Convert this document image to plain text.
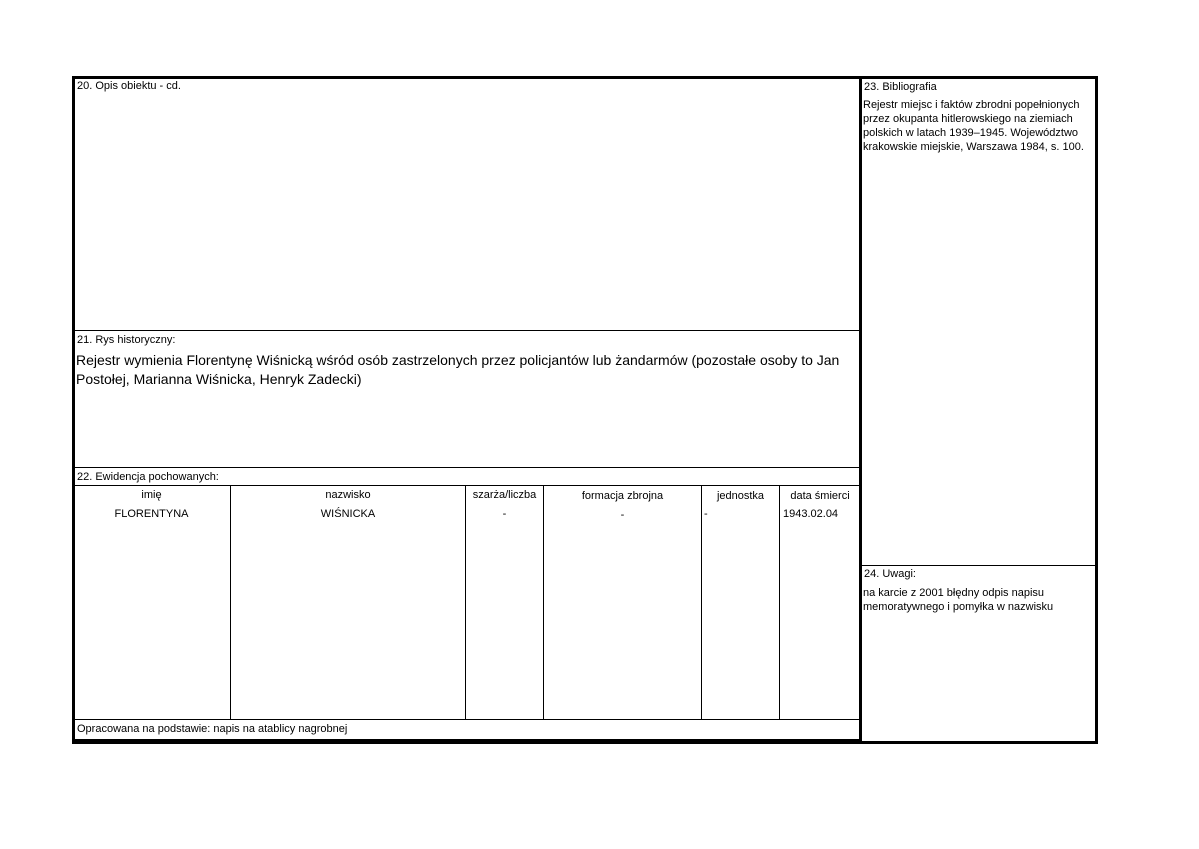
20. Opis obiektu - cd.
21. Rys historyczny:
Rejestr wymienia Florentynę Wiśnicką wśród osób zastrzelonych przez policjantów lub żandarmów (pozostałe osoby to Jan Postołej, Marianna Wiśnicka, Henryk Zadecki)
22. Ewidencja pochowanych:
imię	nazwisko	szarża/liczba	formacja zbrojna	jednostka	data śmierci
FLORENTYNA	WIŚNICKA	-	-	-	1943.02.04
Opracowana na podstawie: napis na atablicy nagrobnej
23. Bibliografia
Rejestr miejsc i faktów zbrodni popełnionych przez okupanta hitlerowskiego na ziemiach polskich w latach 1939–1945. Województwo krakowskie miejskie, Warszawa 1984, s. 100.
24. Uwagi:
na karcie z 2001 błędny odpis napisu memoratywnego i pomyłka w nazwisku
